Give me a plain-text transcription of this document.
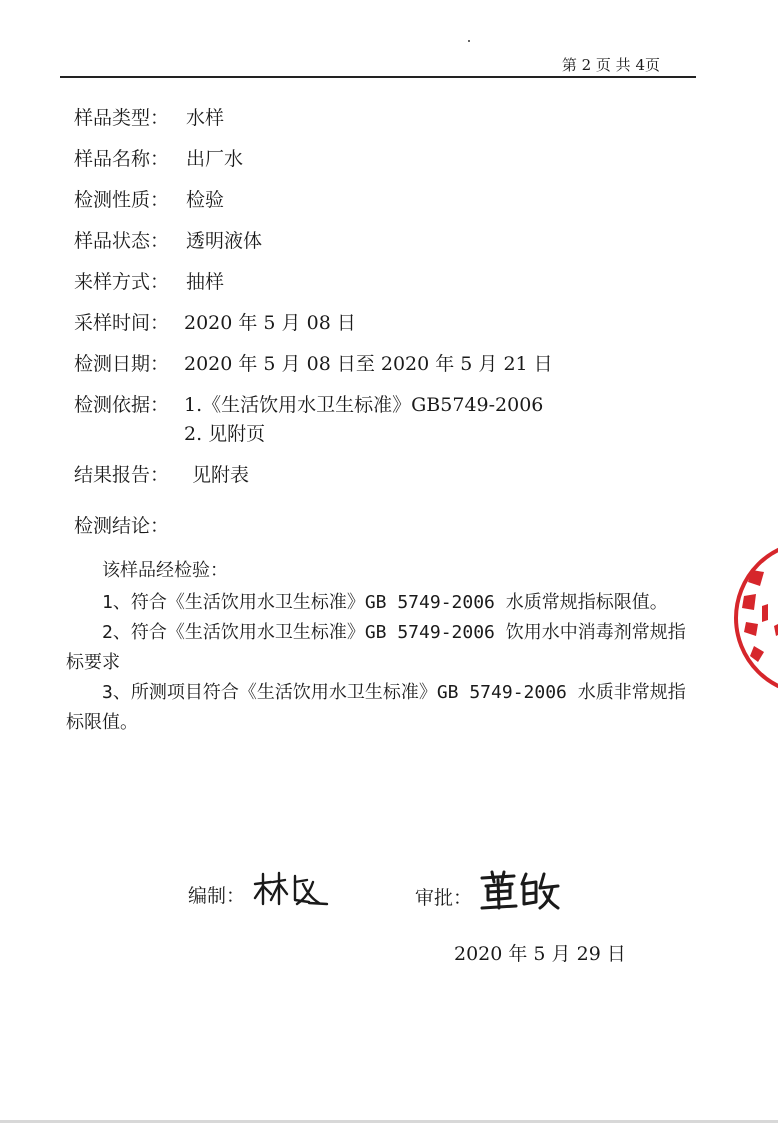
第 2 页 共 4页
样品类型： 水样
样品名称： 出厂水
检测性质： 检验
样品状态： 透明液体
来样方式： 抽样
采样时间： 2020 年 5 月 08 日
检测日期： 2020 年 5 月 08 日至 2020 年 5 月 21 日
检测依据： 1.《生活饮用水卫生标准》GB5749-2006
2. 见附页
结果报告： 见附表
检测结论：

该样品经检验：

1、符合《生活饮用水卫生标准》GB 5749-2006 水质常规指标限值。

2、符合《生活饮用水卫生标准》GB 5749-2006 饮用水中消毒剂常规指标要求

3、所测项目符合《生活饮用水卫生标准》GB 5749-2006 水质非常规指标限值。

编制：	审批：
2020 年 5 月 29 日
